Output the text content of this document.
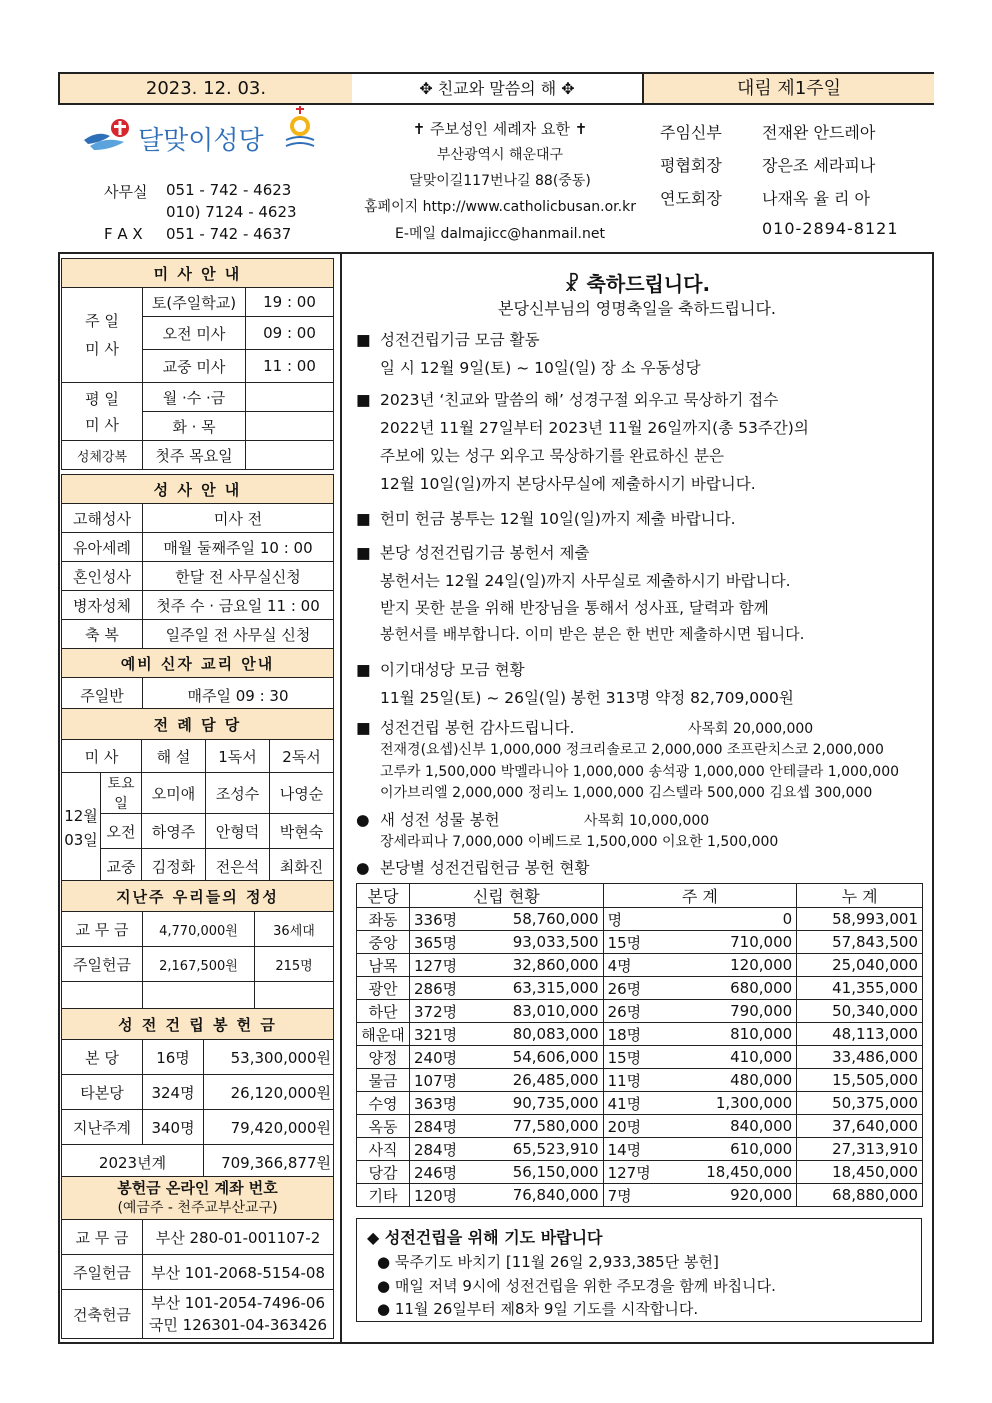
2023. 12. 03.	✥ 친교와 말씀의 해 ✥	대림 제1주일
달맞이성당
사무실 051 - 742 - 4623
010) 7124 - 4623
F A X 051 - 742 - 4637
✝ 주보성인 세례자 요한 ✝
부산광역시 해운대구
달맞이길117번나길 88(중동)
홈페이지 http://www.catholicbusan.or.kr
E-메일 dalmajicc@hanmail.net
주임신부	전재완 안드레아
평협회장	장은조 세라피나
연도회장	나재옥 율 리 아
010-2894-8121
미 사 안 내		

주 일
미 사	토(주일학교)	19 : 00
	오전 미사	09 : 00
	교중 미사	11 : 00

평 일
미 사	월 ·수 ·금	
	화 · 목	
성체강복	첫주 목요일	
성 사 안 내	
고해성사	미사 전
유아세례	매월 둘째주일 10 : 00
혼인성사	한달 전 사무실신청
병자성체	첫주 수 · 금요일 11 : 00
축 복	일주일 전 사무실 신청
예비 신자 교리 안내	
주일반	매주일 09 : 30
전 례 담 당				
미 사		해 설	1독서	2독서

12월
03일	토요일	오미애	조성수	나영순
	오전	하영주	안형덕	박현숙
	교중	김정화	전은석	최화진
지난주 우리들의 정성		
교 무 금	4,770,000원	36세대
주일헌금	2,167,500원	215명

성 전 건 립 봉 헌 금		
본 당	16명	53,300,000원
타본당	324명	26,120,000원
지난주계	340명	79,420,000원
2023년계		709,366,877원
봉헌금 온라인 계좌 번호
(예금주 - 천주교부산교구)	

교 무 금	부산 280-01-001107-2
주일헌금	부산 101-2068-5154-08
건축헌금	부산 101-2054-7496-06
국민 126301-04-363426
☧ 축하드립니다.
본당신부님의 영명축일을 축하드립니다.
■ 성전건립기금 모금 활동
일 시 12월 9일(토) ~ 10일(일) 장 소 우동성당
■ 2023년 ‘친교와 말씀의 해’ 성경구절 외우고 묵상하기 접수
2022년 11월 27일부터 2023년 11월 26일까지(총 53주간)의
주보에 있는 성구 외우고 묵상하기를 완료하신 분은
12월 10일(일)까지 본당사무실에 제출하시기 바랍니다.
■ 헌미 헌금 봉투는 12월 10일(일)까지 제출 바랍니다.
■ 본당 성전건립기금 봉헌서 제출
봉헌서는 12월 24일(일)까지 사무실로 제출하시기 바랍니다.
받지 못한 분을 위해 반장님을 통해서 성사표, 달력과 함께
봉헌서를 배부합니다. 이미 받은 분은 한 번만 제출하시면 됩니다.
■ 이기대성당 모금 현황
11월 25일(토) ~ 26일(일) 봉헌 313명 약정 82,709,000원
■ 성전건립 봉헌 감사드립니다.	사목회 20,000,000
전재경(요셉)신부 1,000,000 정크리솔로고 2,000,000 조프란치스코 2,000,000
고루카 1,500,000 박멜라니아 1,000,000 송석광 1,000,000 안테클라 1,000,000
이가브리엘 2,000,000 정리노 1,000,000 김스텔라 500,000 김요셉 300,000
● 새 성전 성물 봉헌	사목회 10,000,000
장세라피나 7,000,000 이베드로 1,500,000 이요한 1,500,000
● 본당별 성전건립헌금 봉헌 현황
본당	신립 현황		주 계		누 계
좌동	336명	58,760,000	명	0	58,993,001
중앙	365명	93,033,500	15명	710,000	57,843,500
남목	127명	32,860,000	4명	120,000	25,040,000
광안	286명	63,315,000	26명	680,000	41,355,000
하단	372명	83,010,000	26명	790,000	50,340,000
해운대	321명	80,083,000	18명	810,000	48,113,000
양정	240명	54,606,000	15명	410,000	33,486,000
물금	107명	26,485,000	11명	480,000	15,505,000
수영	363명	90,735,000	41명	1,300,000	50,375,000
옥동	284명	77,580,000	20명	840,000	37,640,000
사직	284명	65,523,910	14명	610,000	27,313,910
당감	246명	56,150,000	127명	18,450,000	18,450,000
기타	120명	76,840,000	7명	920,000	68,880,000
◆ 성전건립을 위해 기도 바랍니다
● 묵주기도 바치기 [11월 26일 2,933,385단 봉헌]
● 매일 저녁 9시에 성전건립을 위한 주모경을 함께 바칩니다.
● 11월 26일부터 제8차 9일 기도를 시작합니다.
